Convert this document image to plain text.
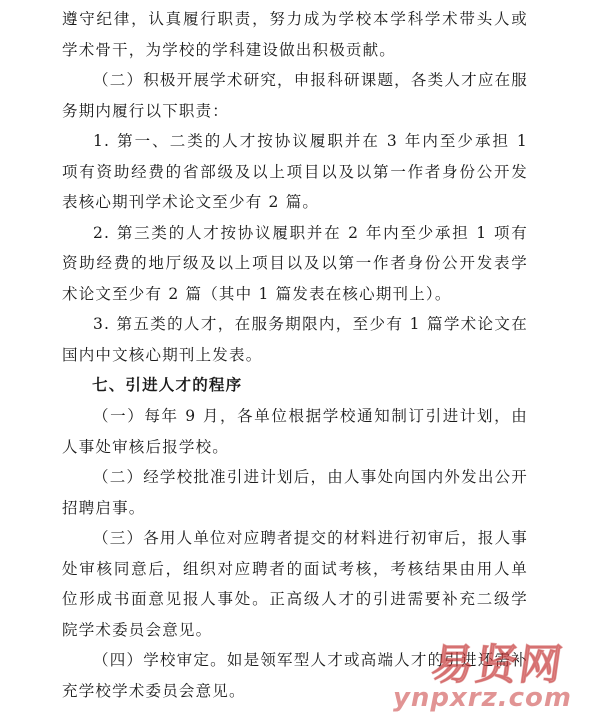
遵守纪律，认真履行职责，努力成为学校本学科学术带头人或学术骨干，为学校的学科建设做出积极贡献。

（二）积极开展学术研究，申报科研课题，各类人才应在服务期内履行以下职责：

1. 第一、二类的人才按协议履职并在 3 年内至少承担 1 项有资助经费的省部级及以上项目以及以第一作者身份公开发表核心期刊学术论文至少有 2 篇。

2. 第三类的人才按协议履职并在 2 年内至少承担 1 项有资助经费的地厅级及以上项目以及以第一作者身份公开发表学术论文至少有 2 篇（其中 1 篇发表在核心期刊上）。

3. 第五类的人才，在服务期限内，至少有 1 篇学术论文在国内中文核心期刊上发表。

七、引进人才的程序

（一）每年 9 月，各单位根据学校通知制订引进计划，由人事处审核后报学校。

（二）经学校批准引进计划后，由人事处向国内外发出公开招聘启事。

（三）各用人单位对应聘者提交的材料进行初审后，报人事处审核同意后，组织对应聘者的面试考核，考核结果由用人单位形成书面意见报人事处。正高级人才的引进需要补充二级学院学术委员会意见。

（四）学校审定。如是领军型人才或高端人才的引进还需补充学校学术委员会意见。

易贤网
ynpxrz.com
